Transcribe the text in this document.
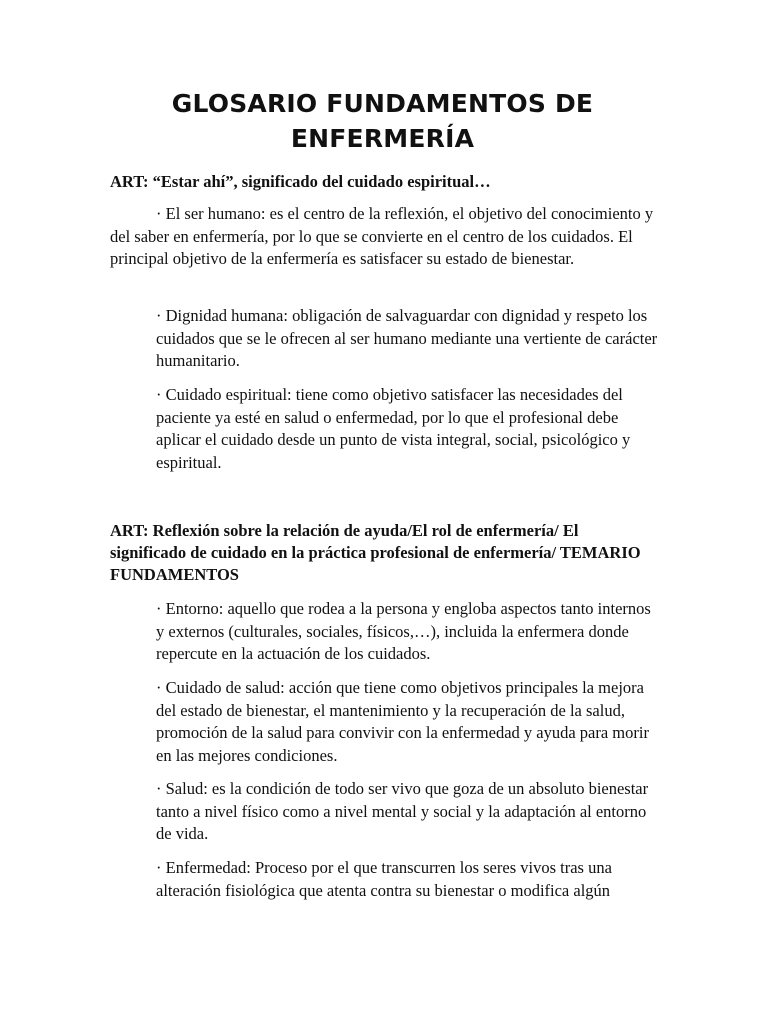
GLOSARIO FUNDAMENTOS DE ENFERMERÍA

ART: “Estar ahí”, significado del cuidado espiritual…

· El ser humano: es el centro de la reflexión, el objetivo del conocimiento y del saber en enfermería, por lo que se convierte en el centro de los cuidados. El principal objetivo de la enfermería es satisfacer su estado de bienestar.

· Dignidad humana: obligación de salvaguardar con dignidad y respeto los cuidados que se le ofrecen al ser humano mediante una vertiente de carácter humanitario.

· Cuidado espiritual: tiene como objetivo satisfacer las necesidades del paciente ya esté en salud o enfermedad, por lo que el profesional debe aplicar el cuidado desde un punto de vista integral, social, psicológico y espiritual.

ART: Reflexión sobre la relación de ayuda/El rol de enfermería/ El significado de cuidado en la práctica profesional de enfermería/ TEMARIO FUNDAMENTOS

· Entorno: aquello que rodea a la persona y engloba aspectos tanto internos y externos (culturales, sociales, físicos,…), incluida la enfermera donde repercute en la actuación de los cuidados.

· Cuidado de salud: acción que tiene como objetivos principales la mejora del estado de bienestar, el mantenimiento y la recuperación de la salud, promoción de la salud para convivir con la enfermedad y ayuda para morir en las mejores condiciones.

· Salud: es la condición de todo ser vivo que goza de un absoluto bienestar tanto a nivel físico como a nivel mental y social y la adaptación al entorno de vida.

· Enfermedad: Proceso por el que transcurren los seres vivos tras una alteración fisiológica que atenta contra su bienestar o modifica algún
